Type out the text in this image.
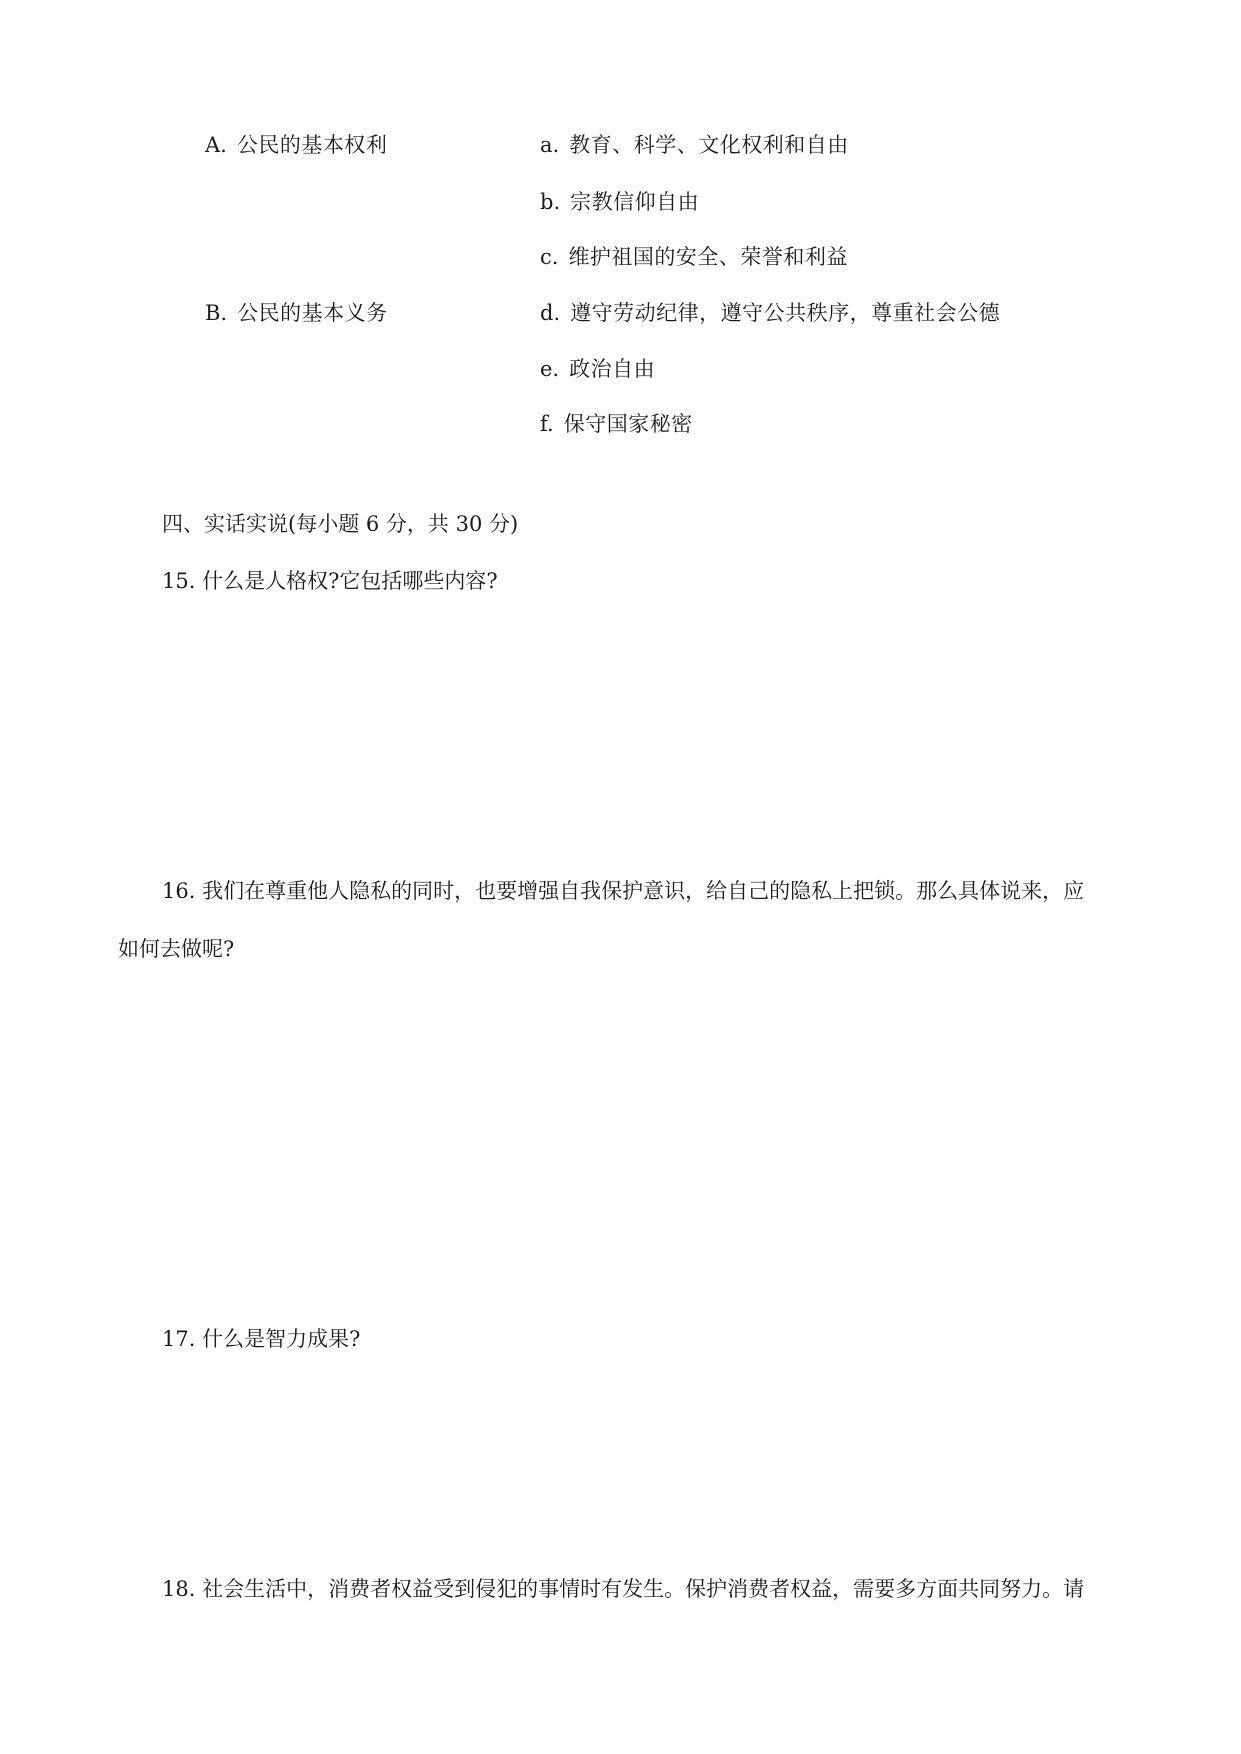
A. 公民的基本权利
B. 公民的基本义务
a. 教育、科学、文化权利和自由
b. 宗教信仰自由
c. 维护祖国的安全、荣誉和利益
d. 遵守劳动纪律，遵守公共秩序，尊重社会公德
e. 政治自由
f. 保守国家秘密
四、实话实说(每小题 6 分，共 30 分)
15. 什么是人格权?它包括哪些内容?
16. 我们在尊重他人隐私的同时，也要增强自我保护意识，给自己的隐私上把锁。那么具体说来，应
如何去做呢?
17. 什么是智力成果?
18. 社会生活中，消费者权益受到侵犯的事情时有发生。保护消费者权益，需要多方面共同努力。请
